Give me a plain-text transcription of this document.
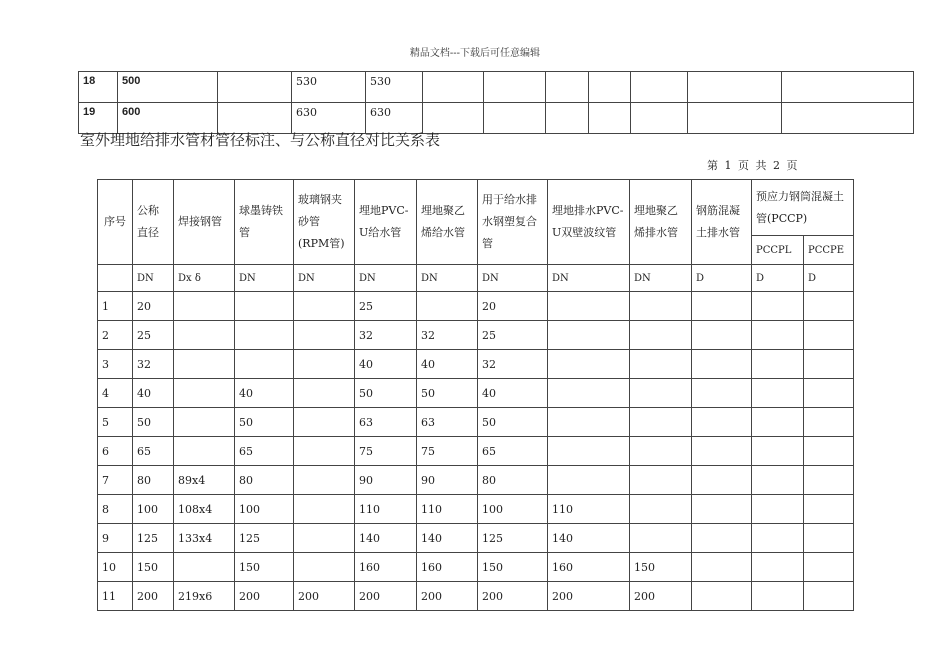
精品文档---下载后可任意编辑
18	500		530	530							
19	600		630	630							
室外埋地给排水管材管径标注、与公称直径对比关系表
第 1 页 共 2 页
序号	公称直径	焊接钢管	球墨铸铁管	玻璃钢夹砂管(RPM管)	埋地PVC-U给水管	埋地聚乙烯给水管	用于给水排水钢塑复合管	埋地排水PVC-U双壁波纹管	埋地聚乙烯排水管	钢筋混凝土排水管	预应力钢筒混凝土管(PCCP)	
											PCCPL	PCCPE
	DN	Dx δ	DN	DN	DN	DN	DN	DN	DN	D	D	D
1	20				25		20					
2	25				32	32	25					
3	32				40	40	32					
4	40		40		50	50	40					
5	50		50		63	63	50					
6	65		65		75	75	65					
7	80	89x4	80		90	90	80					
8	100	108x4	100		110	110	100	110				
9	125	133x4	125		140	140	125	140				
10	150		150		160	160	150	160	150			
11	200	219x6	200	200	200	200	200	200	200			
